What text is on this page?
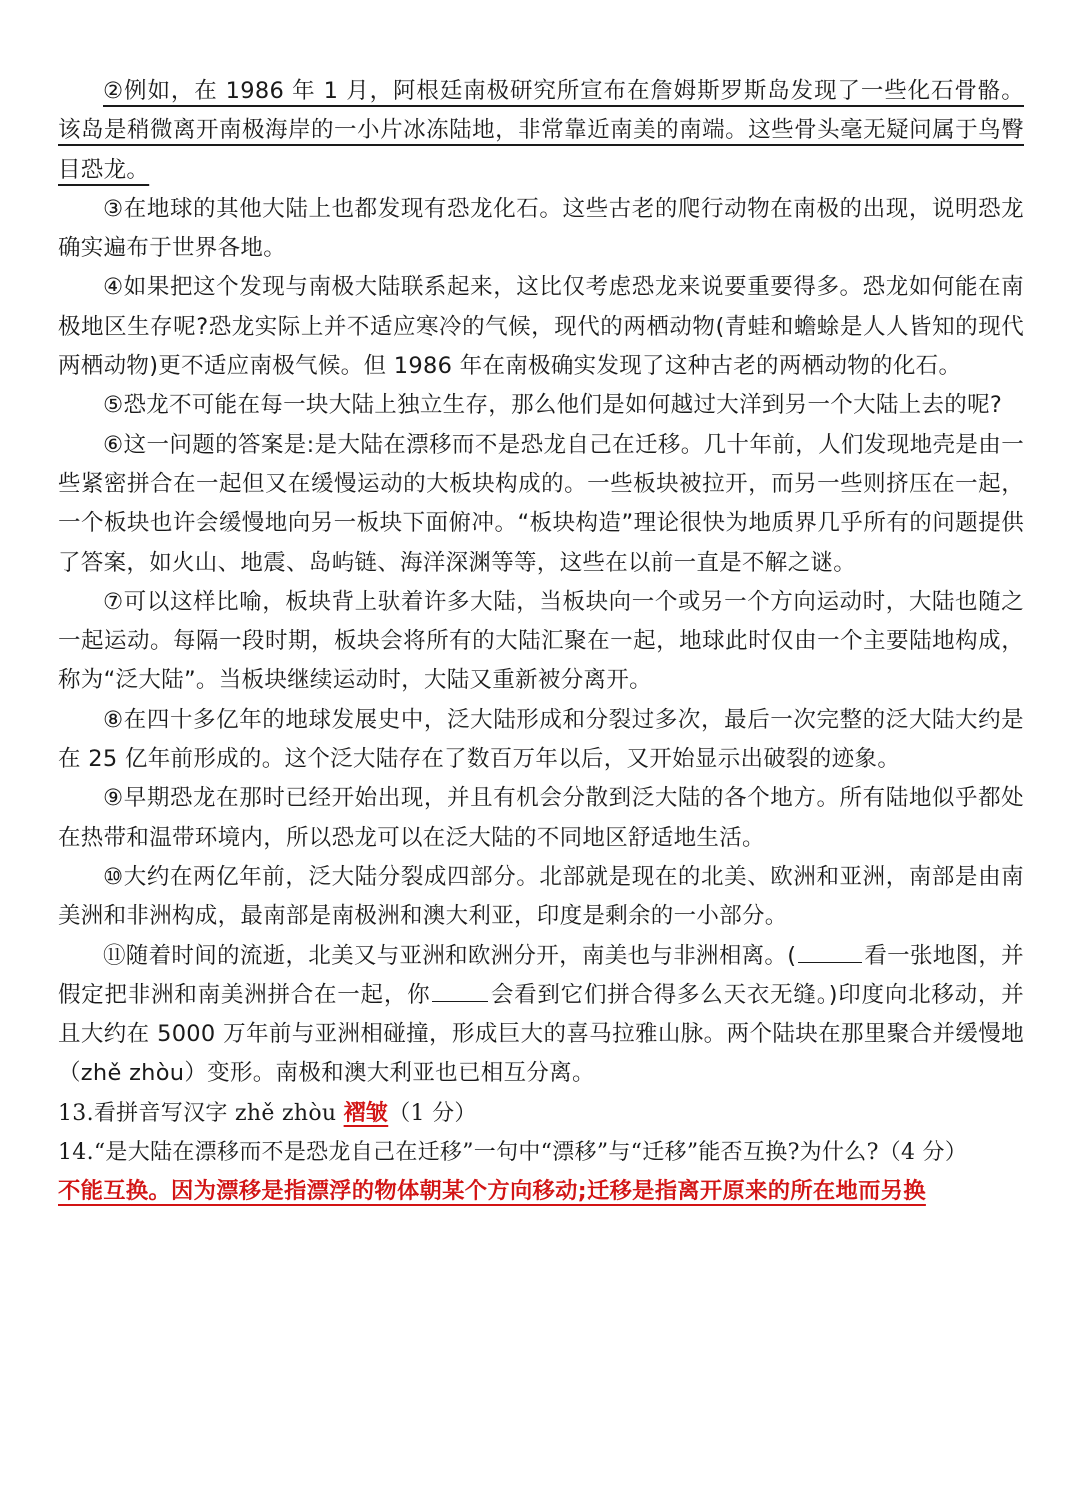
②例如，在 1986 年 1 月，阿根廷南极研究所宣布在詹姆斯罗斯岛发现了一些化石骨骼。该岛是稍微离开南极海岸的一小片冰冻陆地，非常靠近南美的南端。这些骨头毫无疑问属于鸟臀目恐龙。

③在地球的其他大陆上也都发现有恐龙化石。这些古老的爬行动物在南极的出现，说明恐龙确实遍布于世界各地。

④如果把这个发现与南极大陆联系起来，这比仅考虑恐龙来说要重要得多。恐龙如何能在南极地区生存呢?恐龙实际上并不适应寒冷的气候，现代的两栖动物(青蛙和蟾蜍是人人皆知的现代两栖动物)更不适应南极气候。但 1986 年在南极确实发现了这种古老的两栖动物的化石。

⑤恐龙不可能在每一块大陆上独立生存，那么他们是如何越过大洋到另一个大陆上去的呢?

⑥这一问题的答案是:是大陆在漂移而不是恐龙自己在迁移。几十年前，人们发现地壳是由一些紧密拼合在一起但又在缓慢运动的大板块构成的。一些板块被拉开，而另一些则挤压在一起，一个板块也许会缓慢地向另一板块下面俯冲。“板块构造”理论很快为地质界几乎所有的问题提供了答案，如火山、地震、岛屿链、海洋深渊等等，这些在以前一直是不解之谜。

⑦可以这样比喻，板块背上驮着许多大陆，当板块向一个或另一个方向运动时，大陆也随之一起运动。每隔一段时期，板块会将所有的大陆汇聚在一起，地球此时仅由一个主要陆地构成，称为“泛大陆”。当板块继续运动时，大陆又重新被分离开。

⑧在四十多亿年的地球发展史中，泛大陆形成和分裂过多次，最后一次完整的泛大陆大约是在 25 亿年前形成的。这个泛大陆存在了数百万年以后，又开始显示出破裂的迹象。

⑨早期恐龙在那时已经开始出现，并且有机会分散到泛大陆的各个地方。所有陆地似乎都处在热带和温带环境内，所以恐龙可以在泛大陆的不同地区舒适地生活。

⑩大约在两亿年前，泛大陆分裂成四部分。北部就是现在的北美、欧洲和亚洲，南部是由南美洲和非洲构成，最南部是南极洲和澳大利亚，印度是剩余的一小部分。

⑪随着时间的流逝，北美又与亚洲和欧洲分开，南美也与非洲相离。(	看一张地图，并假定把非洲和南美洲拼合在一起，你	会看到它们拼合得多么天衣无缝。)印度向北移动，并且大约在 5000 万年前与亚洲相碰撞，形成巨大的喜马拉雅山脉。两个陆块在那里聚合并缓慢地（zhě zhòu）变形。南极和澳大利亚也已相互分离。

13.看拼音写汉字 zhě zhòu 褶皱（1 分）

14.“是大陆在漂移而不是恐龙自己在迁移”一句中“漂移”与“迁移”能否互换?为什么?（4 分）

不能互换。因为漂移是指漂浮的物体朝某个方向移动;迁移是指离开原来的所在地而另换
